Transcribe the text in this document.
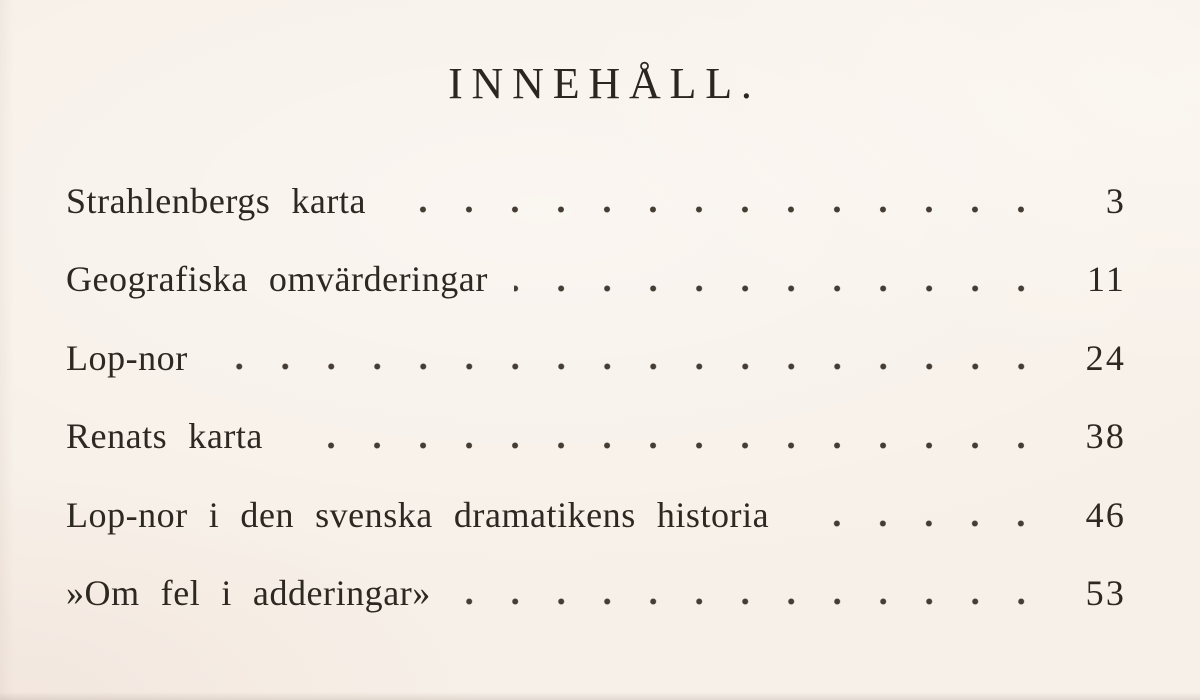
INNEHÅLL.
Strahlenbergs karta	3
Geografiska omvärderingar	11
Lop-nor	24
Renats karta	38
Lop-nor i den svenska dramatikens historia	46
»Om fel i adderingar»	53
